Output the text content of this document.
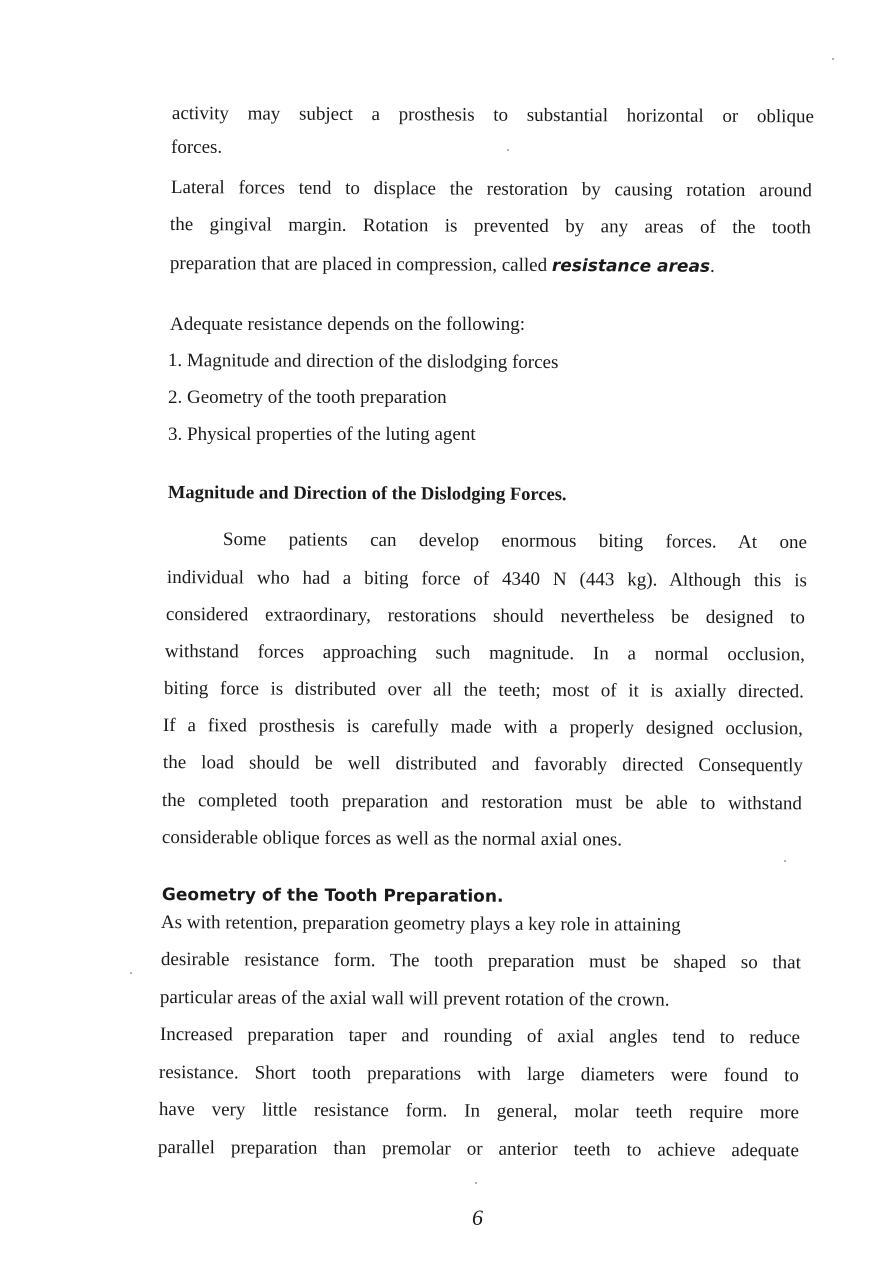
activity may subject a prosthesis to substantial horizontal or oblique
forces.
Lateral forces tend to displace the restoration by causing rotation around
the gingival margin. Rotation is prevented by any areas of the tooth
preparation that are placed in compression, called resistance areas.
Adequate resistance depends on the following:
1. Magnitude and direction of the dislodging forces
2. Geometry of the tooth preparation
3. Physical properties of the luting agent
Magnitude and Direction of the Dislodging Forces.
Some patients can develop enormous biting forces. At one
individual who had a biting force of 4340 N (443 kg). Although this is
considered extraordinary, restorations should nevertheless be designed to
withstand forces approaching such magnitude. In a normal occlusion,
biting force is distributed over all the teeth; most of it is axially directed.
If a fixed prosthesis is carefully made with a properly designed occlusion,
the load should be well distributed and favorably directed Consequently
the completed tooth preparation and restoration must be able to withstand
considerable oblique forces as well as the normal axial ones.
Geometry of the Tooth Preparation.
As with retention, preparation geometry plays a key role in attaining
desirable resistance form. The tooth preparation must be shaped so that
particular areas of the axial wall will prevent rotation of the crown.
Increased preparation taper and rounding of axial angles tend to reduce
resistance. Short tooth preparations with large diameters were found to
have very little resistance form. In general, molar teeth require more
parallel preparation than premolar or anterior teeth to achieve adequate
6
